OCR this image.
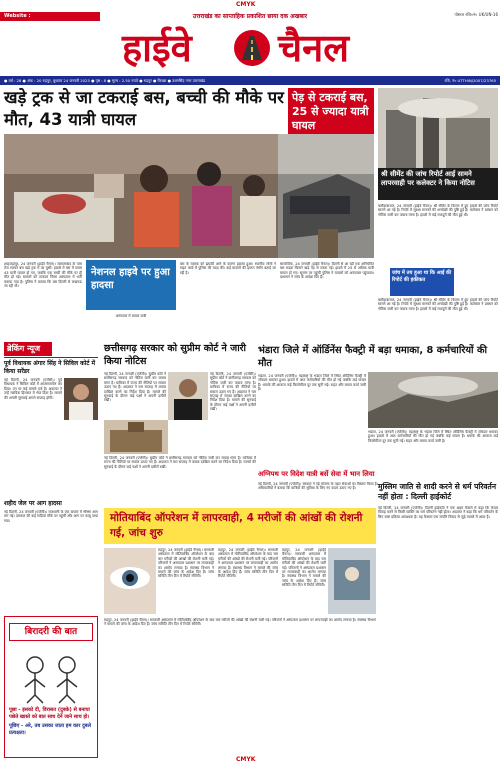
CMYK
Website : www.highwaychannel.in
उत्तराखंड का साप्ताहिक प्रकाशित छाया दक अखबार	पोस्टल रजि०नं० UK/UN-16
हाईवे चैनल
● वर्ष : 28 ● अंक : 20 रुद्रपुर, बुधवार 24 जनवरी 2025 ● पृष्ठ : 8 ● मूल्य : 2.50 रुपये ● रुद्रपुर ● किच्छा ● उधमसिंह नगर उत्तराखंड	रजि. नं० UTTHIN/2007/23765
खड़े ट्रक से जा टकराई बस, बच्ची की मौके पर मौत, 43 यात्री घायल
पेड़ से टकराई बस, 25 से ज्यादा यात्री घायल
नेशनल हाइवे पर हुआ हादसा
शाहजहांपुर, 24 जनवरी (हाईवे चैनल)। जलालाबाद के पास तेज रफ्तार बस खड़े ट्रक में जा घुसी। हादसे में बस में सवार 43 यात्री घायल हो गए, जबकि एक बच्ची की मौके पर ही मौत हो गई। घायलों को तत्काल जिला अस्पताल में भर्ती कराया गया है। पुलिस ने बताया कि बस दिल्ली से लखनऊ जा रही थी।
बस के चालक को झपकी आने के कारण हादसा हुआ। स्थानीय लोगों ने राहत कार्य में पुलिस की मदद की। कई घायलों की हालत गंभीर बताई जा रही है।
सामाजिक, 24 जनवरी (हाईवे चैनल)। दिल्ली से आ रही एक अनियंत्रित बस सड़क किनारे खड़े पेड़ से टकरा गई। हादसे में 25 से अधिक यात्री घायल हो गए। सूचना पर पहुंची पुलिस ने घायलों को अस्पताल पहुंचाया। प्रशासन ने जांच के आदेश दिए हैं।
अस्पताल में घायल यात्री
श्री सीमेंट की जांच रिपोर्ट आई सामने लापरवाही पर कलेक्टर ने किया नोटिस
बलौदाबाजार, 24 जनवरी (हाईवे चैनल)। श्री सीमेंट के किलन में हुए हादसे की जांच रिपोर्ट सामने आ गई है। रिपोर्ट में सुरक्षा मानकों की अनदेखी की पुष्टि हुई है। कलेक्टर ने प्रबंधन को नोटिस जारी कर जवाब मांगा है। हादसे में कई मजदूरों की मौत हुई थी।
जांच में तय हुआ था कि आई की रिपोर्ट की हकीकत
बलौदाबाजार, 24 जनवरी (हाईवे चैनल)। श्री सीमेंट के किलन में हुए हादसे की जांच रिपोर्ट सामने आ गई है। रिपोर्ट में सुरक्षा मानकों की अनदेखी की पुष्टि हुई है। कलेक्टर ने प्रबंधन को नोटिस जारी कर जवाब मांगा है। हादसे में कई मजदूरों की मौत हुई थी।
ब्रेकिंग न्यूज
पूर्व विधायक अंगार सिंह ने सिविल कोर्ट में किया सरेंडर
नई दिल्ली, 24 जनवरी (एजेंसी)। पूर्व विधायक ने सिविल कोर्ट में आत्मसमर्पण कर दिया। उन पर कई मामले दर्ज हैं। अदालत ने उन्हें न्यायिक हिरासत में भेज दिया है। मामले की अगली सुनवाई अगले सप्ताह होगी।
शहीद जेल पर आग हादसा
नई दिल्ली, 24 जनवरी (एजेंसी)। राजधानी के एक बाजार में भीषण आग लग गई। दमकल की कई गाड़ियां मौके पर पहुंचीं और आग पर काबू पाया गया।
छत्तीसगढ़ सरकार को सुप्रीम कोर्ट ने जारी किया नोटिस
नई दिल्ली, 24 जनवरी (एजेंसी)। सुप्रीम कोर्ट ने छत्तीसगढ़ सरकार को नोटिस जारी कर जवाब मांगा है। याचिका में राज्य की नीतियों पर सवाल उठाए गए हैं। अदालत ने चार सप्ताह में जवाब दाखिल करने का निर्देश दिया है। मामले की सुनवाई के दौरान कई पक्षों ने अपनी दलीलें रखीं।
नई दिल्ली, 24 जनवरी (एजेंसी)। सुप्रीम कोर्ट ने छत्तीसगढ़ सरकार को नोटिस जारी कर जवाब मांगा है। याचिका में राज्य की नीतियों पर सवाल उठाए गए हैं। अदालत ने चार सप्ताह में जवाब दाखिल करने का निर्देश दिया है। मामले की सुनवाई के दौरान कई पक्षों ने अपनी दलीलें रखीं।
नई दिल्ली, 24 जनवरी (एजेंसी)। सुप्रीम कोर्ट ने छत्तीसगढ़ सरकार को नोटिस जारी कर जवाब मांगा है। याचिका में राज्य की नीतियों पर सवाल उठाए गए हैं। अदालत ने चार सप्ताह में जवाब दाखिल करने का निर्देश दिया है। मामले की सुनवाई के दौरान कई पक्षों ने अपनी दलीलें रखीं।
भंडारा जिले में ऑर्डिनेंस फैक्ट्री में बड़ा धमाका, 8 कर्मचारियों की मौत
भंडारा, 24 जनवरी (एजेंसी)। महाराष्ट्र के भंडारा जिले में स्थित ऑर्डिनेंस फैक्ट्री में जोरदार धमाका हुआ। हादसे में आठ कर्मचारियों की मौत हो गई जबकि कई घायल हैं। धमाके की आवाज कई किलोमीटर दूर तक सुनी गई। राहत और बचाव कार्य जारी है।
भंडारा, 24 जनवरी (एजेंसी)। महाराष्ट्र के भंडारा जिले में स्थित ऑर्डिनेंस फैक्ट्री में जोरदार धमाका हुआ। हादसे में आठ कर्मचारियों की मौत हो गई जबकि कई घायल हैं। धमाके की आवाज कई किलोमीटर दूर तक सुनी गई। राहत और बचाव कार्य जारी है।
अग्निपथ पर विदेश यात्री बसें सेवा में भान लिया
नई दिल्ली, 24 जनवरी (एजेंसी)। सरकार ने नई योजना के तहत सेवाओं का विस्तार किया है। अधिकारियों ने बताया कि यात्रियों की सुविधा के लिए नए कदम उठाए गए हैं।	मुस्लिम जाति से शादी करने से धर्म परिवर्तन नहीं होता : दिल्ली हाईकोर्ट
नई दिल्ली, 24 जनवरी (एजेंसी)। दिल्ली हाईकोर्ट ने एक अहम फैसले में कहा कि केवल विवाह करने से किसी व्यक्ति का धर्म परिवर्तन नहीं होता। अदालत ने कहा कि धर्म परिवर्तन के लिए स्पष्ट प्रक्रिया आवश्यक है। यह फैसला एक संपत्ति विवाद से जुड़े मामले में आया है।
मोतियाबिंद ऑपरेशन में लापरवाही, 4 मरीजों की आंखों की रोशनी गई, जांच शुरु
रुद्रपुर, 24 जनवरी (हाईवे चैनल)। सरकारी अस्पताल में मोतियाबिंद ऑपरेशन के बाद चार मरीजों की आंखों की रोशनी चली गई। परिजनों ने अस्पताल प्रशासन पर लापरवाही का आरोप लगाया है। स्वास्थ्य विभाग ने मामले की जांच के आदेश दिए हैं। जांच समिति तीन दिन में रिपोर्ट सौंपेगी।
रुद्रपुर, 24 जनवरी (हाईवे चैनल)। सरकारी अस्पताल में मोतियाबिंद ऑपरेशन के बाद चार मरीजों की आंखों की रोशनी चली गई। परिजनों ने अस्पताल प्रशासन पर लापरवाही का आरोप लगाया है। स्वास्थ्य विभाग ने मामले की जांच के आदेश दिए हैं। जांच समिति तीन दिन में रिपोर्ट सौंपेगी।
रुद्रपुर, 24 जनवरी (हाईवे चैनल)। सरकारी अस्पताल में मोतियाबिंद ऑपरेशन के बाद चार मरीजों की आंखों की रोशनी चली गई। परिजनों ने अस्पताल प्रशासन पर लापरवाही का आरोप लगाया है। स्वास्थ्य विभाग ने मामले की जांच के आदेश दिए हैं। जांच समिति तीन दिन में रिपोर्ट सौंपेगी।
रुद्रपुर, 24 जनवरी (हाईवे चैनल)। सरकारी अस्पताल में मोतियाबिंद ऑपरेशन के बाद चार मरीजों की आंखों की रोशनी चली गई। परिजनों ने अस्पताल प्रशासन पर लापरवाही का आरोप लगाया है। स्वास्थ्य विभाग ने मामले की जांच के आदेश दिए हैं। जांच समिति तीन दिन में रिपोर्ट सौंपेगी।
बिरादरी की बात
पूछा - इसको दी, विरासत (दुबके) से बनाया पछेते खास्ते को बात साथ देर्ने जाने साथ हो।
पूछिए - अरे, तब उसका जाता हम कार दुबले प्रत्यक्षता।
CMYK
